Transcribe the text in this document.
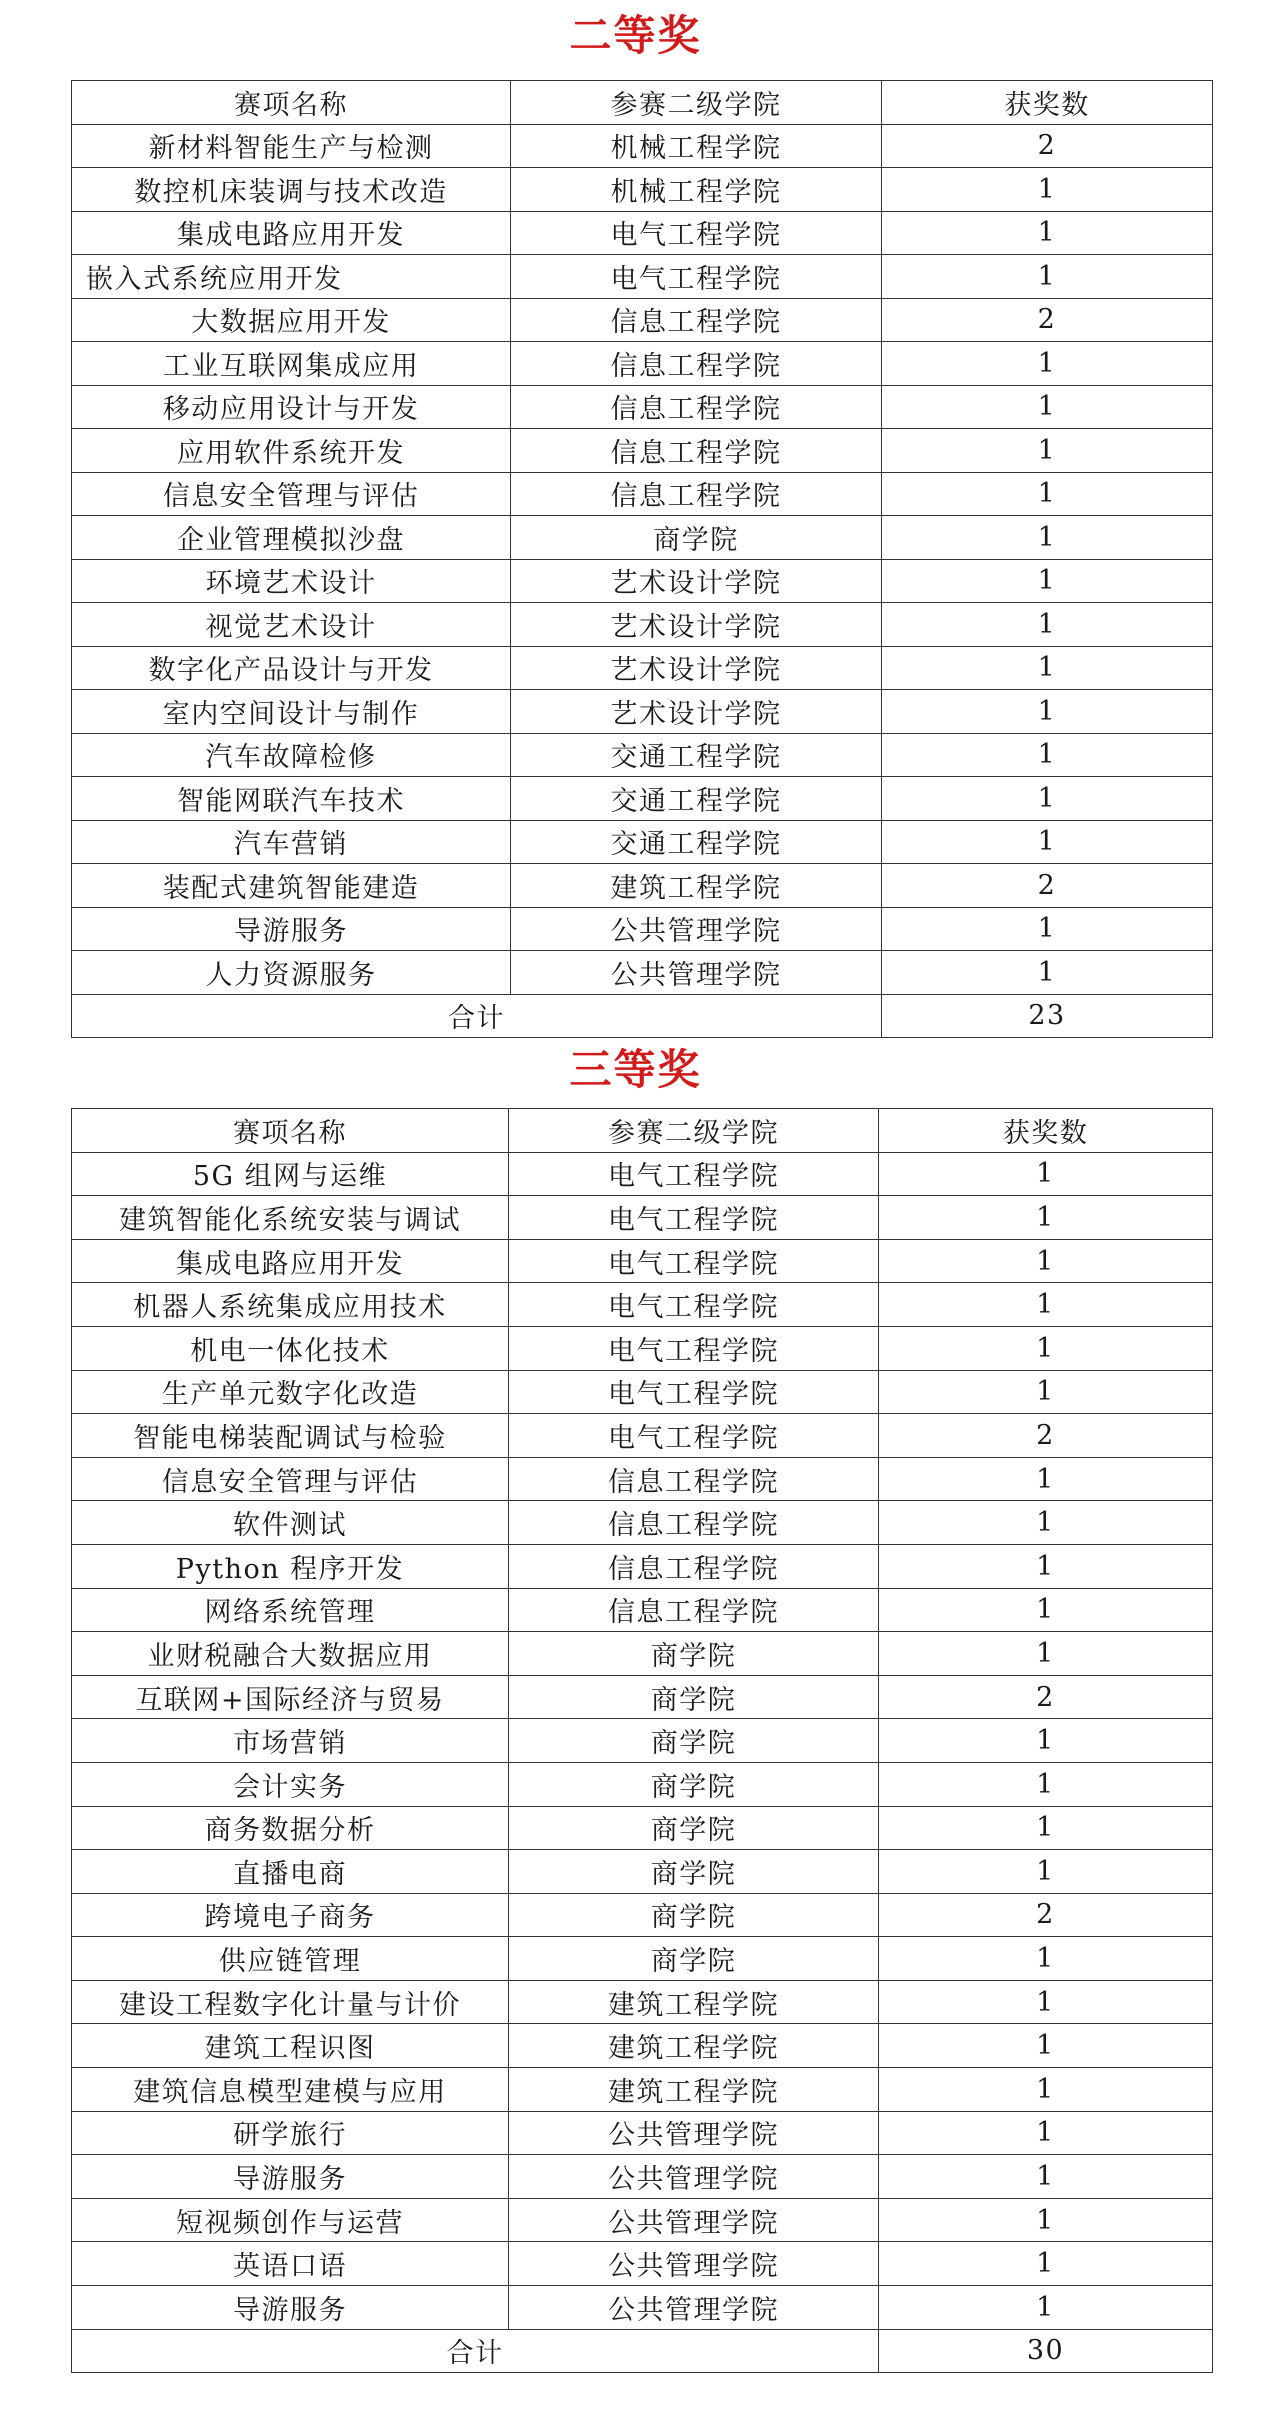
二等奖
赛项名称	参赛二级学院	获奖数
新材料智能生产与检测	机械工程学院	2
数控机床装调与技术改造	机械工程学院	1
集成电路应用开发	电气工程学院	1
嵌入式系统应用开发	电气工程学院	1
大数据应用开发	信息工程学院	2
工业互联网集成应用	信息工程学院	1
移动应用设计与开发	信息工程学院	1
应用软件系统开发	信息工程学院	1
信息安全管理与评估	信息工程学院	1
企业管理模拟沙盘	商学院	1
环境艺术设计	艺术设计学院	1
视觉艺术设计	艺术设计学院	1
数字化产品设计与开发	艺术设计学院	1
室内空间设计与制作	艺术设计学院	1
汽车故障检修	交通工程学院	1
智能网联汽车技术	交通工程学院	1
汽车营销	交通工程学院	1
装配式建筑智能建造	建筑工程学院	2
导游服务	公共管理学院	1
人力资源服务	公共管理学院	1
合计		23
三等奖
赛项名称	参赛二级学院	获奖数
5G 组网与运维	电气工程学院	1
建筑智能化系统安装与调试	电气工程学院	1
集成电路应用开发	电气工程学院	1
机器人系统集成应用技术	电气工程学院	1
机电一体化技术	电气工程学院	1
生产单元数字化改造	电气工程学院	1
智能电梯装配调试与检验	电气工程学院	2
信息安全管理与评估	信息工程学院	1
软件测试	信息工程学院	1
Python 程序开发	信息工程学院	1
网络系统管理	信息工程学院	1
业财税融合大数据应用	商学院	1
互联网+国际经济与贸易	商学院	2
市场营销	商学院	1
会计实务	商学院	1
商务数据分析	商学院	1
直播电商	商学院	1
跨境电子商务	商学院	2
供应链管理	商学院	1
建设工程数字化计量与计价	建筑工程学院	1
建筑工程识图	建筑工程学院	1
建筑信息模型建模与应用	建筑工程学院	1
研学旅行	公共管理学院	1
导游服务	公共管理学院	1
短视频创作与运营	公共管理学院	1
英语口语	公共管理学院	1
导游服务	公共管理学院	1
合计		30
